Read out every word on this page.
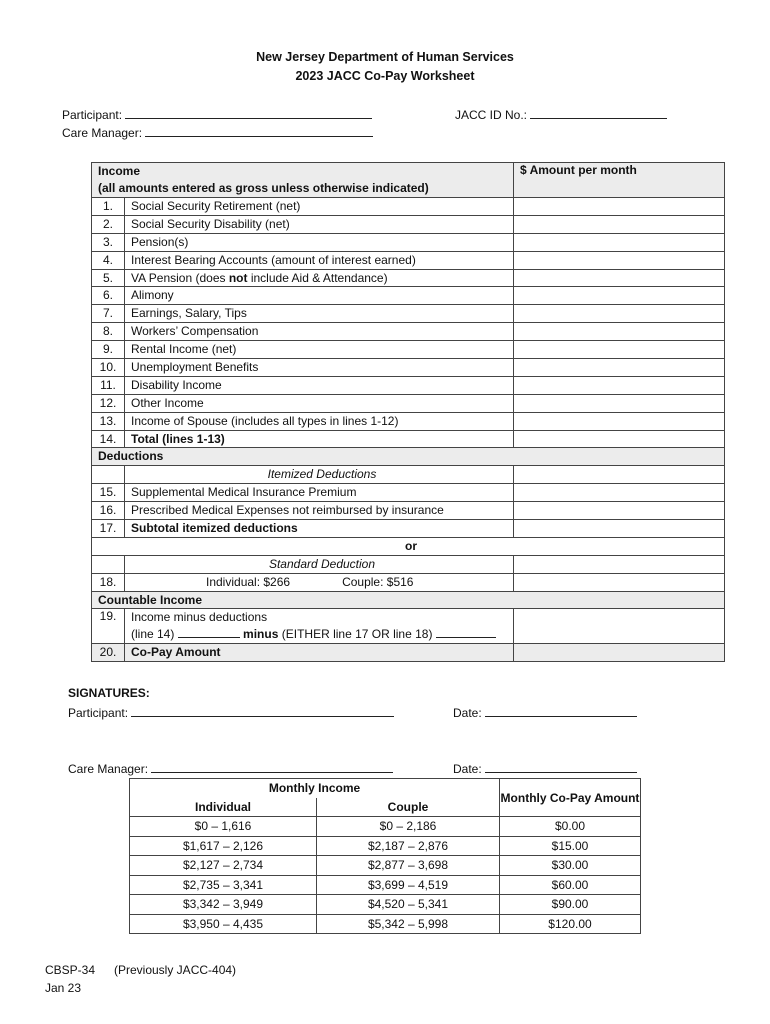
New Jersey Department of Human Services
2023 JACC Co-Pay Worksheet
Participant:	JACC ID No.:
Care Manager:
Income
(all amounts entered as gross unless otherwise indicated)		$ Amount per month
1.	Social Security Retirement (net)	
2.	Social Security Disability (net)	
3.	Pension(s)	
4.	Interest Bearing Accounts (amount of interest earned)	
5.	VA Pension (does not include Aid & Attendance)	
6.	Alimony	
7.	Earnings, Salary, Tips	
8.	Workers’ Compensation	
9.	Rental Income (net)	
10.	Unemployment Benefits	
11.	Disability Income	
12.	Other Income	
13.	Income of Spouse (includes all types in lines 1-12)	
14.	Total (lines 1-13)	
Deductions		
	Itemized Deductions	
15.	Supplemental Medical Insurance Premium	
16.	Prescribed Medical Expenses not reimbursed by insurance	
17.	Subtotal itemized deductions	
or		
	Standard Deduction	
18.	Individual: $266 Couple: $516	
Countable Income		
19.	Income minus deductions
(line 14) minus (EITHER line 17 OR line 18)	

20.	Co-Pay Amount	
SIGNATURES:
Participant:	Date:
Care Manager:	Date:
Monthly Income		Monthly Co-Pay Amount
Individual	Couple	
$0 – 1,616	$0 – 2,186	$0.00
$1,617 – 2,126	$2,187 – 2,876	$15.00
$2,127 – 2,734	$2,877 – 3,698	$30.00
$2,735 – 3,341	$3,699 – 4,519	$60.00
$3,342 – 3,949	$4,520 – 5,341	$90.00
$3,950 – 4,435	$5,342 – 5,998	$120.00
CBSP-34 (Previously JACC-404)
Jan 23
